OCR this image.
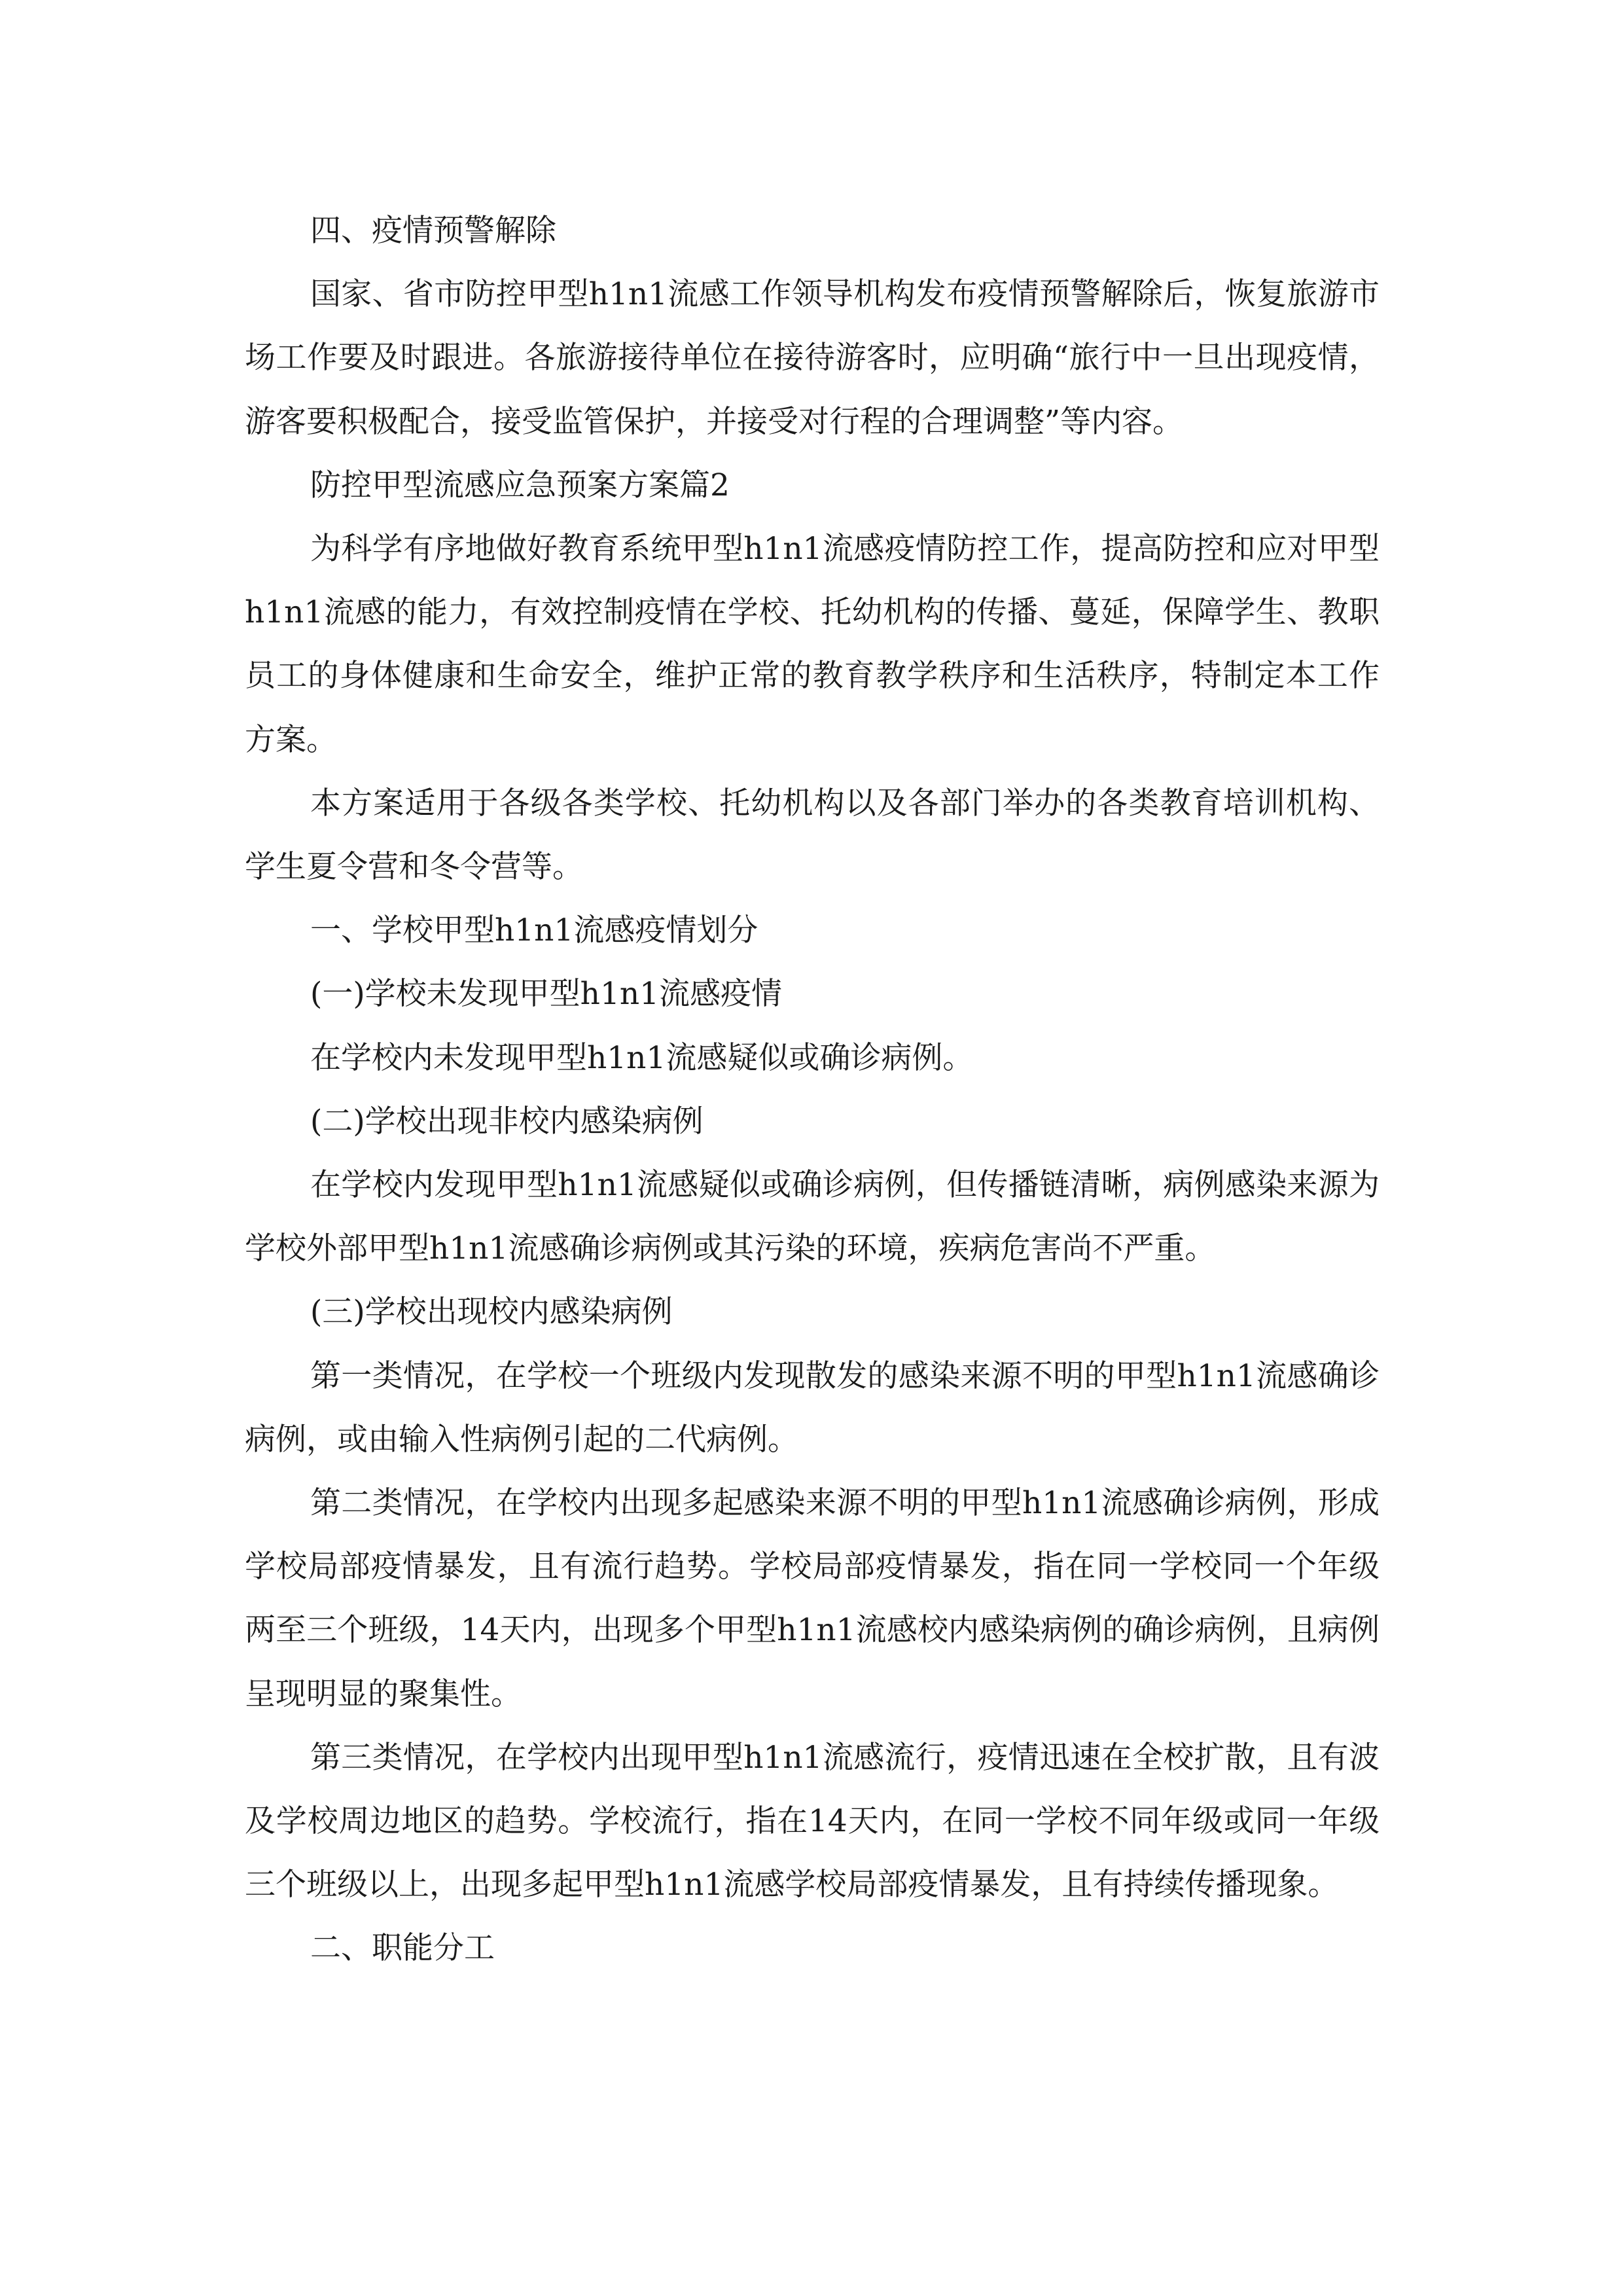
四、疫情预警解除

国家、省市防控甲型h1n1流感工作领导机构发布疫情预警解除后，恢复旅游市场工作要及时跟进。各旅游接待单位在接待游客时，应明确“旅行中一旦出现疫情，游客要积极配合，接受监管保护，并接受对行程的合理调整”等内容。

防控甲型流感应急预案方案篇2

为科学有序地做好教育系统甲型h1n1流感疫情防控工作，提高防控和应对甲型h1n1流感的能力，有效控制疫情在学校、托幼机构的传播、蔓延，保障学生、教职员工的身体健康和生命安全，维护正常的教育教学秩序和生活秩序，特制定本工作方案。

本方案适用于各级各类学校、托幼机构以及各部门举办的各类教育培训机构、学生夏令营和冬令营等。

一、学校甲型h1n1流感疫情划分

(一)学校未发现甲型h1n1流感疫情

在学校内未发现甲型h1n1流感疑似或确诊病例。

(二)学校出现非校内感染病例

在学校内发现甲型h1n1流感疑似或确诊病例，但传播链清晰，病例感染来源为学校外部甲型h1n1流感确诊病例或其污染的环境，疾病危害尚不严重。

(三)学校出现校内感染病例

第一类情况，在学校一个班级内发现散发的感染来源不明的甲型h1n1流感确诊病例，或由输入性病例引起的二代病例。

第二类情况，在学校内出现多起感染来源不明的甲型h1n1流感确诊病例，形成学校局部疫情暴发，且有流行趋势。学校局部疫情暴发，指在同一学校同一个年级两至三个班级，14天内，出现多个甲型h1n1流感校内感染病例的确诊病例，且病例呈现明显的聚集性。

第三类情况，在学校内出现甲型h1n1流感流行，疫情迅速在全校扩散，且有波及学校周边地区的趋势。学校流行，指在14天内，在同一学校不同年级或同一年级三个班级以上，出现多起甲型h1n1流感学校局部疫情暴发，且有持续传播现象。

二、职能分工
